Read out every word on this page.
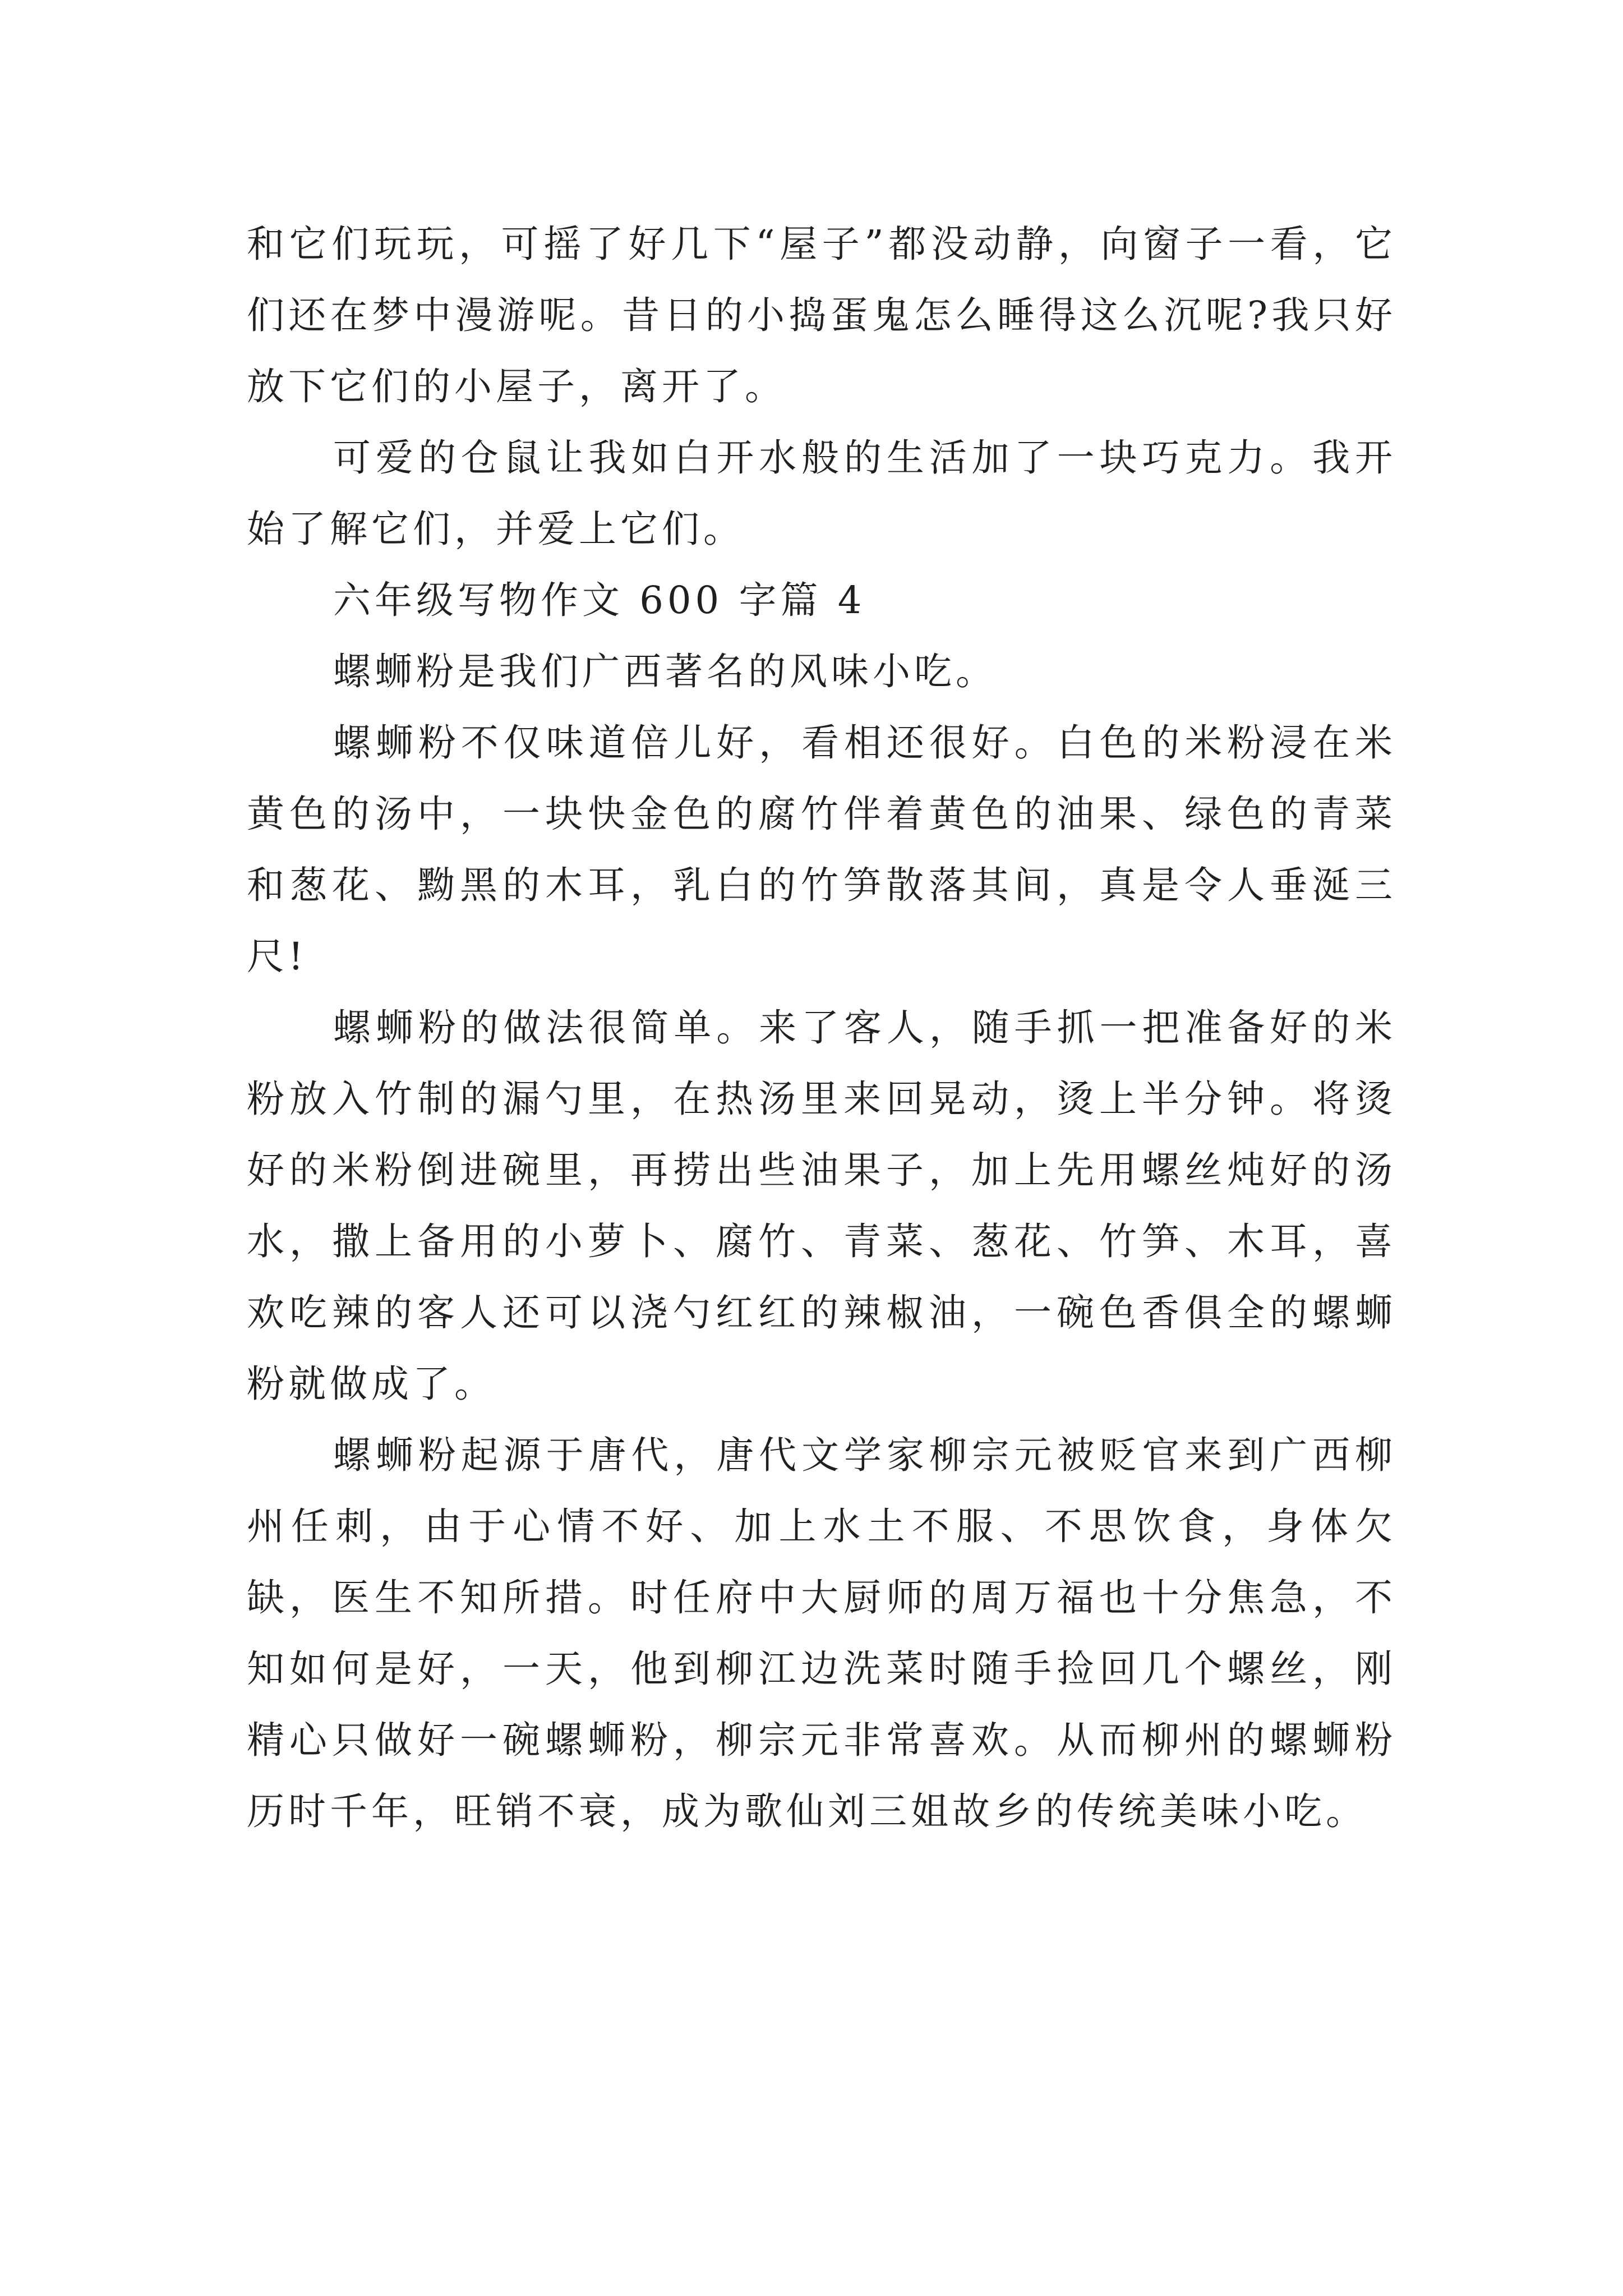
和它们玩玩，可摇了好几下“屋子”都没动静，向窗子一看，它们还在梦中漫游呢。昔日的小捣蛋鬼怎么睡得这么沉呢?我只好放下它们的小屋子，离开了。

可爱的仓鼠让我如白开水般的生活加了一块巧克力。我开始了解它们，并爱上它们。

六年级写物作文 600 字篇 4

螺蛳粉是我们广西著名的风味小吃。

螺蛳粉不仅味道倍儿好，看相还很好。白色的米粉浸在米黄色的汤中，一块快金色的腐竹伴着黄色的油果、绿色的青菜和葱花、黝黑的木耳，乳白的竹笋散落其间，真是令人垂涎三尺!

螺蛳粉的做法很简单。来了客人，随手抓一把准备好的米粉放入竹制的漏勺里，在热汤里来回晃动，烫上半分钟。将烫好的米粉倒进碗里，再捞出些油果子，加上先用螺丝炖好的汤水，撒上备用的小萝卜、腐竹、青菜、葱花、竹笋、木耳，喜欢吃辣的客人还可以浇勺红红的辣椒油，一碗色香俱全的螺蛳粉就做成了。

螺蛳粉起源于唐代，唐代文学家柳宗元被贬官来到广西柳州任刺，由于心情不好、加上水土不服、不思饮食，身体欠缺，医生不知所措。时任府中大厨师的周万福也十分焦急，不知如何是好，一天，他到柳江边洗菜时随手捡回几个螺丝，刚精心只做好一碗螺蛳粉，柳宗元非常喜欢。从而柳州的螺蛳粉历时千年，旺销不衰，成为歌仙刘三姐故乡的传统美味小吃。
